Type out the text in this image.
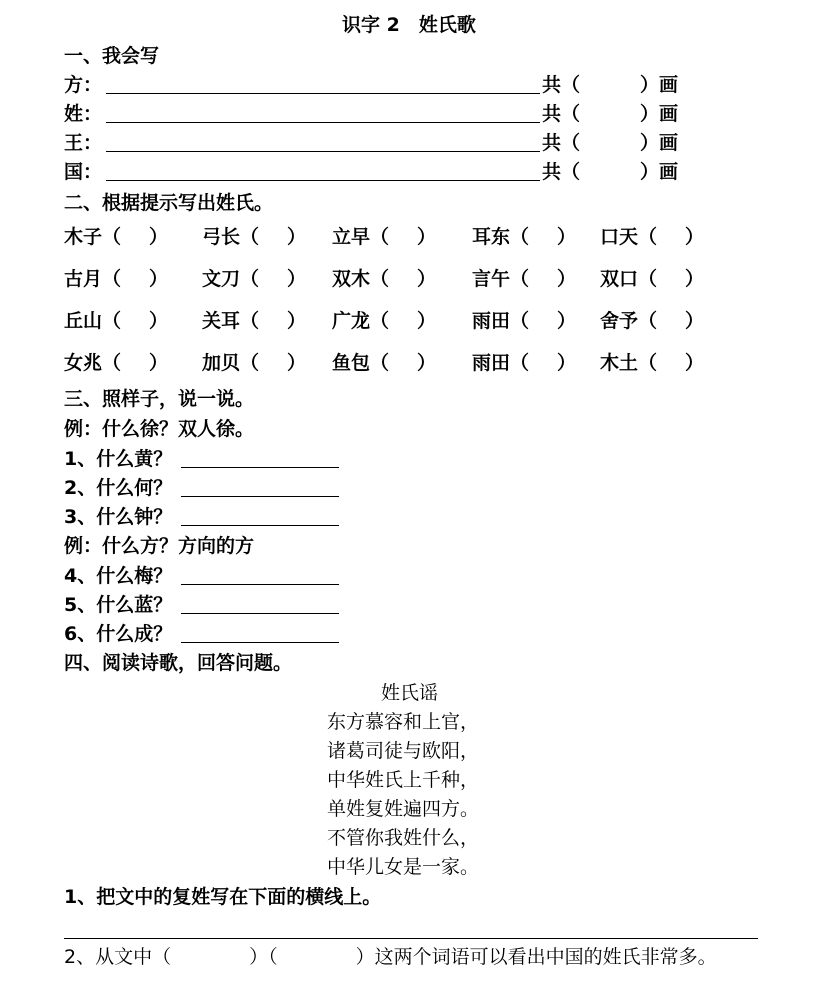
识字 2　姓氏歌
一、我会写
方：	共（	）画
姓：	共（	）画
王：	共（	）画
国：	共（	）画
二、根据提示写出姓氏。
木子（ ） 弓长（ ） 立早（ ） 耳东（ ） 口天（ ）
古月（ ） 文刀（ ） 双木（ ） 言午（ ） 双口（ ）
丘山（ ） 关耳（ ） 广龙（ ） 雨田（ ） 舍予（ ）
女兆（ ） 加贝（ ） 鱼包（ ） 雨田（ ） 木土（ ）
三、照样子，说一说。
例：什么徐？双人徐。
1、什么黄？
2、什么何？
3、什么钟？
例：什么方？方向的方
4、什么梅？
5、什么蓝？
6、什么成？
四、阅读诗歌，回答问题。
姓氏谣
东方慕容和上官，
诸葛司徒与欧阳，
中华姓氏上千种，
单姓复姓遍四方。
不管你我姓什么，
中华儿女是一家。
1、把文中的复姓写在下面的横线上。
2、从文中（	）（	）这两个词语可以看出中国的姓氏非常多。
